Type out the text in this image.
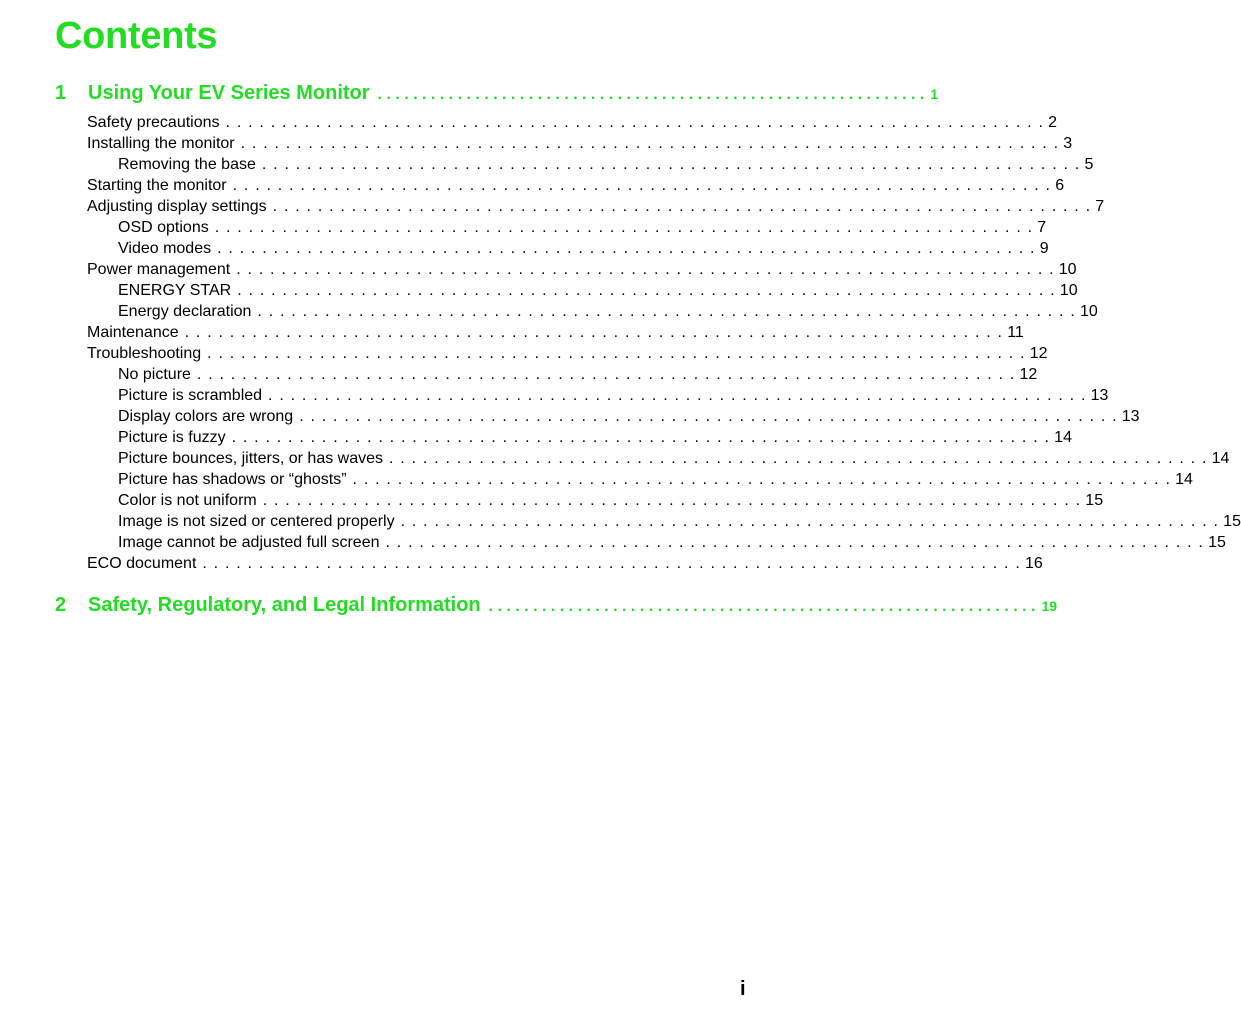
Contents
1	Using Your EV Series Monitor . . . . . . . . . . . . . . . . . . . . . . . . . . . . . . . . . . . . . . . . . . . . . . . . . . . . . . . . . . . . . . 1
Safety precautions . . . . . . . . . . . . . . . . . . . . . . . . . . . . . . . . . . . . . . . . . . . . . . . . . . . . . . . . . . . . . . . . . . . . . . . . . 2
Installing the monitor . . . . . . . . . . . . . . . . . . . . . . . . . . . . . . . . . . . . . . . . . . . . . . . . . . . . . . . . . . . . . . . . . . . . . . . . . 3
Removing the base . . . . . . . . . . . . . . . . . . . . . . . . . . . . . . . . . . . . . . . . . . . . . . . . . . . . . . . . . . . . . . . . . . . . . . . . . 5
Starting the monitor . . . . . . . . . . . . . . . . . . . . . . . . . . . . . . . . . . . . . . . . . . . . . . . . . . . . . . . . . . . . . . . . . . . . . . . . . 6
Adjusting display settings . . . . . . . . . . . . . . . . . . . . . . . . . . . . . . . . . . . . . . . . . . . . . . . . . . . . . . . . . . . . . . . . . . . . . . . . . 7
OSD options . . . . . . . . . . . . . . . . . . . . . . . . . . . . . . . . . . . . . . . . . . . . . . . . . . . . . . . . . . . . . . . . . . . . . . . . . 7
Video modes . . . . . . . . . . . . . . . . . . . . . . . . . . . . . . . . . . . . . . . . . . . . . . . . . . . . . . . . . . . . . . . . . . . . . . . . . 9
Power management . . . . . . . . . . . . . . . . . . . . . . . . . . . . . . . . . . . . . . . . . . . . . . . . . . . . . . . . . . . . . . . . . . . . . . . . . 10
ENERGY STAR . . . . . . . . . . . . . . . . . . . . . . . . . . . . . . . . . . . . . . . . . . . . . . . . . . . . . . . . . . . . . . . . . . . . . . . . . 10
Energy declaration . . . . . . . . . . . . . . . . . . . . . . . . . . . . . . . . . . . . . . . . . . . . . . . . . . . . . . . . . . . . . . . . . . . . . . . . . 10
Maintenance . . . . . . . . . . . . . . . . . . . . . . . . . . . . . . . . . . . . . . . . . . . . . . . . . . . . . . . . . . . . . . . . . . . . . . . . . 11
Troubleshooting . . . . . . . . . . . . . . . . . . . . . . . . . . . . . . . . . . . . . . . . . . . . . . . . . . . . . . . . . . . . . . . . . . . . . . . . . 12
No picture . . . . . . . . . . . . . . . . . . . . . . . . . . . . . . . . . . . . . . . . . . . . . . . . . . . . . . . . . . . . . . . . . . . . . . . . . 12
Picture is scrambled . . . . . . . . . . . . . . . . . . . . . . . . . . . . . . . . . . . . . . . . . . . . . . . . . . . . . . . . . . . . . . . . . . . . . . . . . 13
Display colors are wrong . . . . . . . . . . . . . . . . . . . . . . . . . . . . . . . . . . . . . . . . . . . . . . . . . . . . . . . . . . . . . . . . . . . . . . . . . 13
Picture is fuzzy . . . . . . . . . . . . . . . . . . . . . . . . . . . . . . . . . . . . . . . . . . . . . . . . . . . . . . . . . . . . . . . . . . . . . . . . . 14
Picture bounces, jitters, or has waves . . . . . . . . . . . . . . . . . . . . . . . . . . . . . . . . . . . . . . . . . . . . . . . . . . . . . . . . . . . . . . . . . . . . . . . . . 14
Picture has shadows or “ghosts” . . . . . . . . . . . . . . . . . . . . . . . . . . . . . . . . . . . . . . . . . . . . . . . . . . . . . . . . . . . . . . . . . . . . . . . . . 14
Color is not uniform . . . . . . . . . . . . . . . . . . . . . . . . . . . . . . . . . . . . . . . . . . . . . . . . . . . . . . . . . . . . . . . . . . . . . . . . . 15
Image is not sized or centered properly . . . . . . . . . . . . . . . . . . . . . . . . . . . . . . . . . . . . . . . . . . . . . . . . . . . . . . . . . . . . . . . . . . . . . . . . . 15
Image cannot be adjusted full screen . . . . . . . . . . . . . . . . . . . . . . . . . . . . . . . . . . . . . . . . . . . . . . . . . . . . . . . . . . . . . . . . . . . . . . . . . 15
ECO document . . . . . . . . . . . . . . . . . . . . . . . . . . . . . . . . . . . . . . . . . . . . . . . . . . . . . . . . . . . . . . . . . . . . . . . . . 16
2	Safety, Regulatory, and Legal Information . . . . . . . . . . . . . . . . . . . . . . . . . . . . . . . . . . . . . . . . . . . . . . . . . . . . . . . . . . . . . . 19
i
